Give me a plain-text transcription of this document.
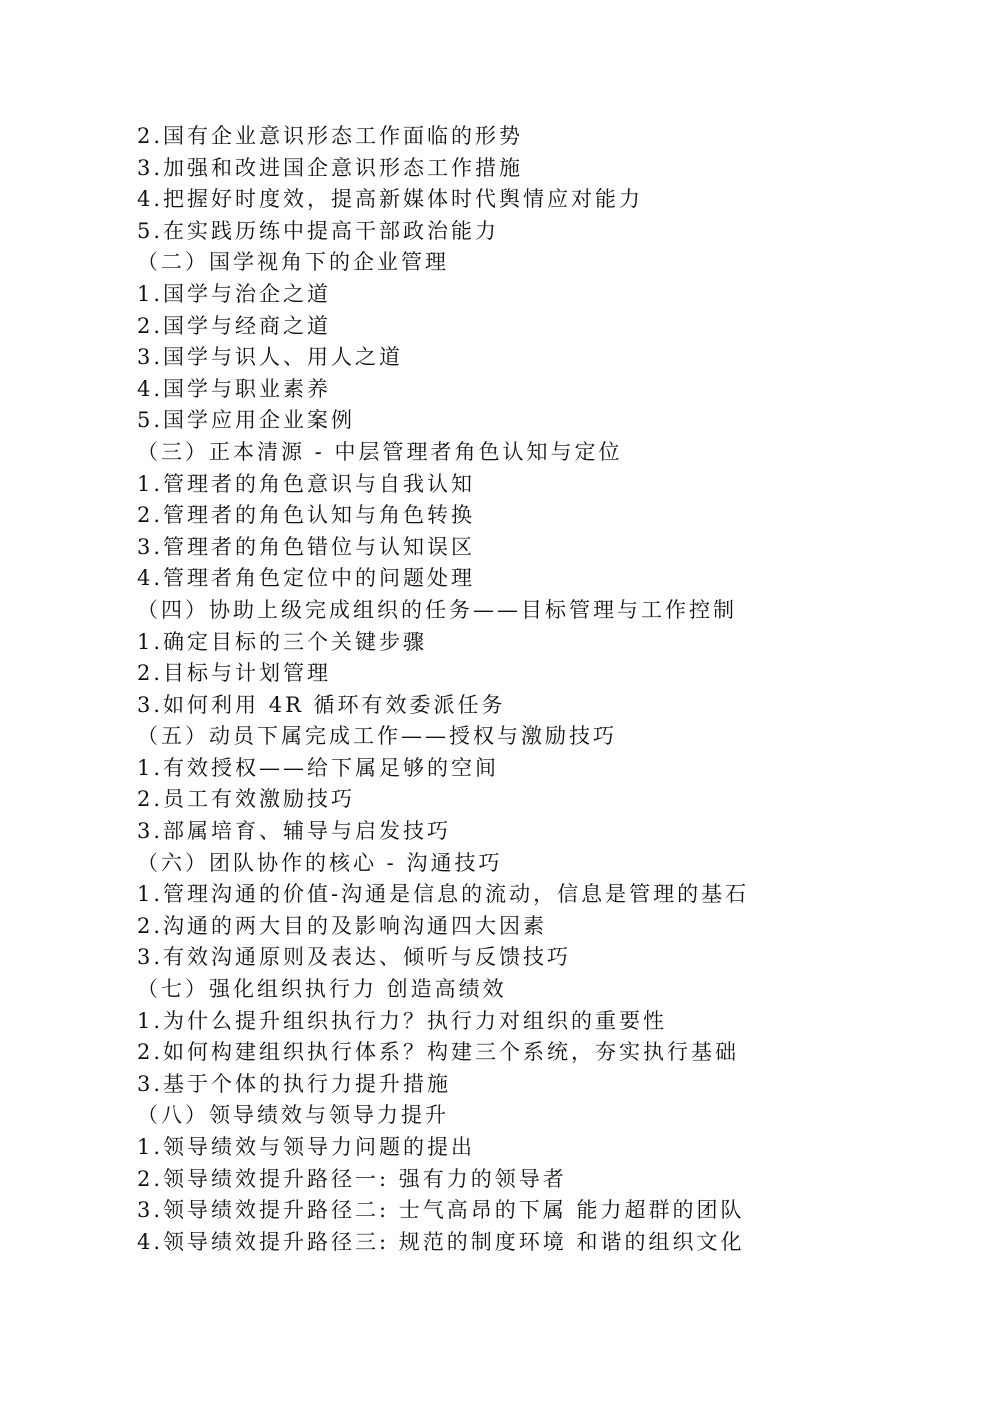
2.国有企业意识形态工作面临的形势
3.加强和改进国企意识形态工作措施
4.把握好时度效，提高新媒体时代舆情应对能力
5.在实践历练中提高干部政治能力
（二）国学视角下的企业管理
1.国学与治企之道
2.国学与经商之道
3.国学与识人、用人之道
4.国学与职业素养
5.国学应用企业案例
（三）正本清源 - 中层管理者角色认知与定位
1.管理者的角色意识与自我认知
2.管理者的角色认知与角色转换
3.管理者的角色错位与认知误区
4.管理者角色定位中的问题处理
（四）协助上级完成组织的任务——目标管理与工作控制
1.确定目标的三个关键步骤
2.目标与计划管理
3.如何利用 4R 循环有效委派任务
（五）动员下属完成工作——授权与激励技巧
1.有效授权——给下属足够的空间
2.员工有效激励技巧
3.部属培育、辅导与启发技巧
（六）团队协作的核心 - 沟通技巧
1.管理沟通的价值-沟通是信息的流动，信息是管理的基石
2.沟通的两大目的及影响沟通四大因素
3.有效沟通原则及表达、倾听与反馈技巧
（七）强化组织执行力 创造高绩效
1.为什么提升组织执行力？执行力对组织的重要性
2.如何构建组织执行体系？构建三个系统，夯实执行基础
3.基于个体的执行力提升措施
（八）领导绩效与领导力提升
1.领导绩效与领导力问题的提出
2.领导绩效提升路径一: 强有力的领导者
3.领导绩效提升路径二: 士气高昂的下属 能力超群的团队
4.领导绩效提升路径三: 规范的制度环境 和谐的组织文化
